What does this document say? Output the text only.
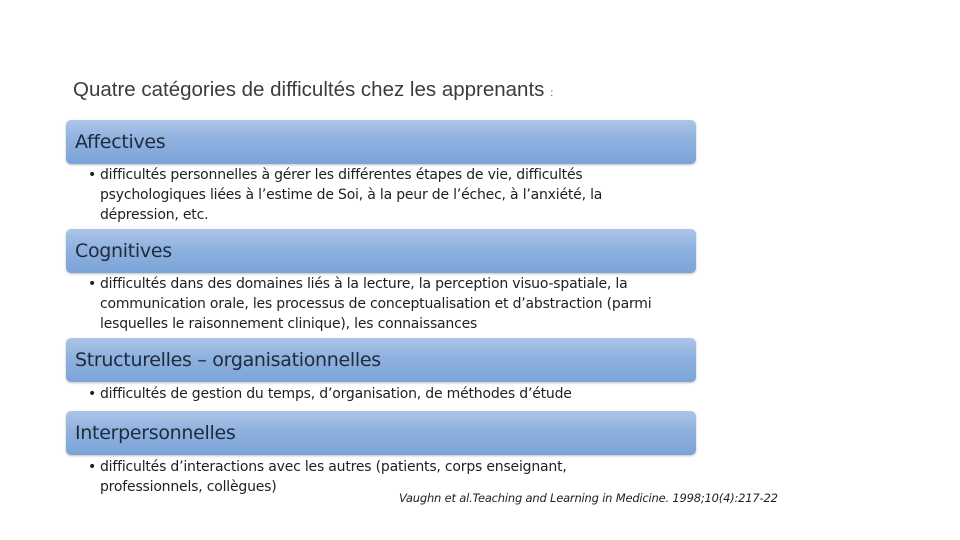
Quatre catégories de difficultés chez les apprenants :
Affectives
• difficultés personnelles à gérer les différentes étapes de vie, difficultés psychologiques liées à l’estime de Soi, à la peur de l’échec, à l’anxiété, la dépression, etc.
Cognitives
• difficultés dans des domaines liés à la lecture, la perception visuo-spatiale, la communication orale, les processus de conceptualisation et d’abstraction (parmi lesquelles le raisonnement clinique), les connaissances
Structurelles – organisationnelles
• difficultés de gestion du temps, d’organisation, de méthodes d’étude
Interpersonnelles
• difficultés d’interactions avec les autres (patients, corps enseignant, professionnels, collègues)
Vaughn et al.Teaching and Learning in Medicine. 1998;10(4):217-22
